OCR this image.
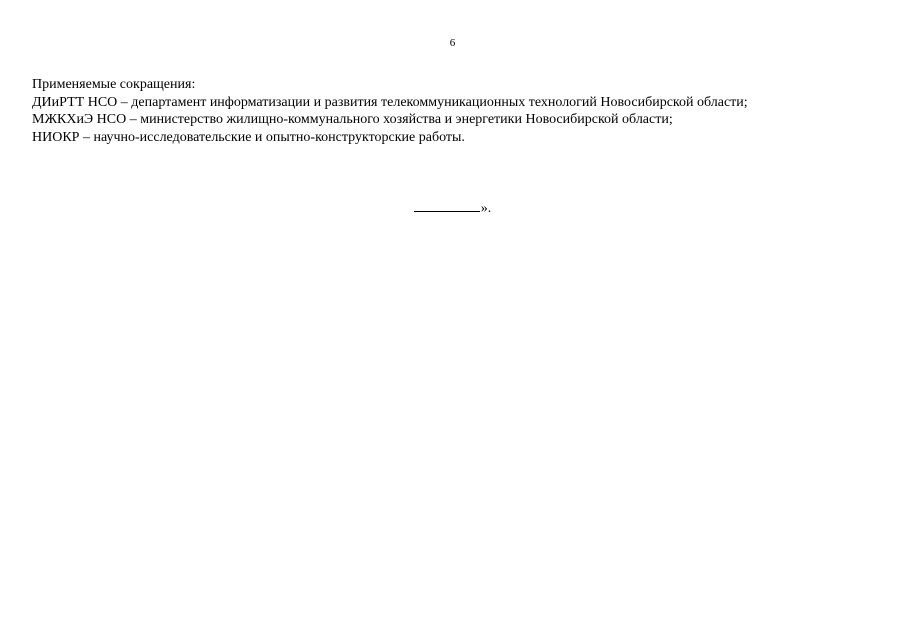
6
Применяемые сокращения:
ДИиРТТ НСО – департамент информатизации и развития телекоммуникационных технологий Новосибирской области;
МЖКХиЭ НСО – министерство жилищно-коммунального хозяйства и энергетики Новосибирской области;
НИОКР – научно-исследовательские и опытно-конструкторские работы.
».
